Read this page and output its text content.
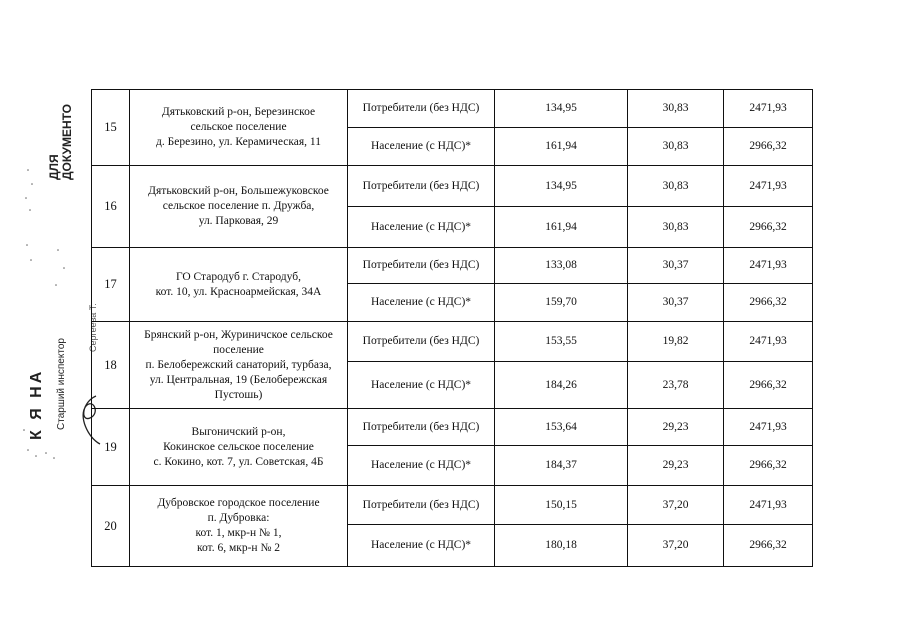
ДЛЯ ДОКУМЕНТО
К Я НА Старший инспектор
Сергеева Т.
15	Дятьковский р-он, Березинское
сельское поселение
д. Березино, ул. Керамическая, 11	Потребители (без НДС)	134,95	30,83	2471,93
		Население (с НДС)*	161,94	30,83	2966,32
16	Дятьковский р-он, Большежуковское
сельское поселение п. Дружба,
ул. Парковая, 29	Потребители (без НДС)	134,95	30,83	2471,93
		Население (с НДС)*	161,94	30,83	2966,32
17	ГО Стародуб г. Стародуб,
кот. 10, ул. Красноармейская, 34А	Потребители (без НДС)	133,08	30,37	2471,93
		Население (с НДС)*	159,70	30,37	2966,32
18	Брянский р-он, Журиничское сельское
поселение
п. Белобережский санаторий, турбаза,
ул. Центральная, 19 (Белобережская
Пустошь)	Потребители (без НДС)	153,55	19,82	2471,93
		Население (с НДС)*	184,26	23,78	2966,32
19	Выгоничский р-он,
Кокинское сельское поселение
с. Кокино, кот. 7, ул. Советская, 4Б	Потребители (без НДС)	153,64	29,23	2471,93
		Население (с НДС)*	184,37	29,23	2966,32
20	Дубровское городское поселение
п. Дубровка:
кот. 1, мкр-н № 1,
кот. 6, мкр-н № 2	Потребители (без НДС)	150,15	37,20	2471,93
		Население (с НДС)*	180,18	37,20	2966,32
